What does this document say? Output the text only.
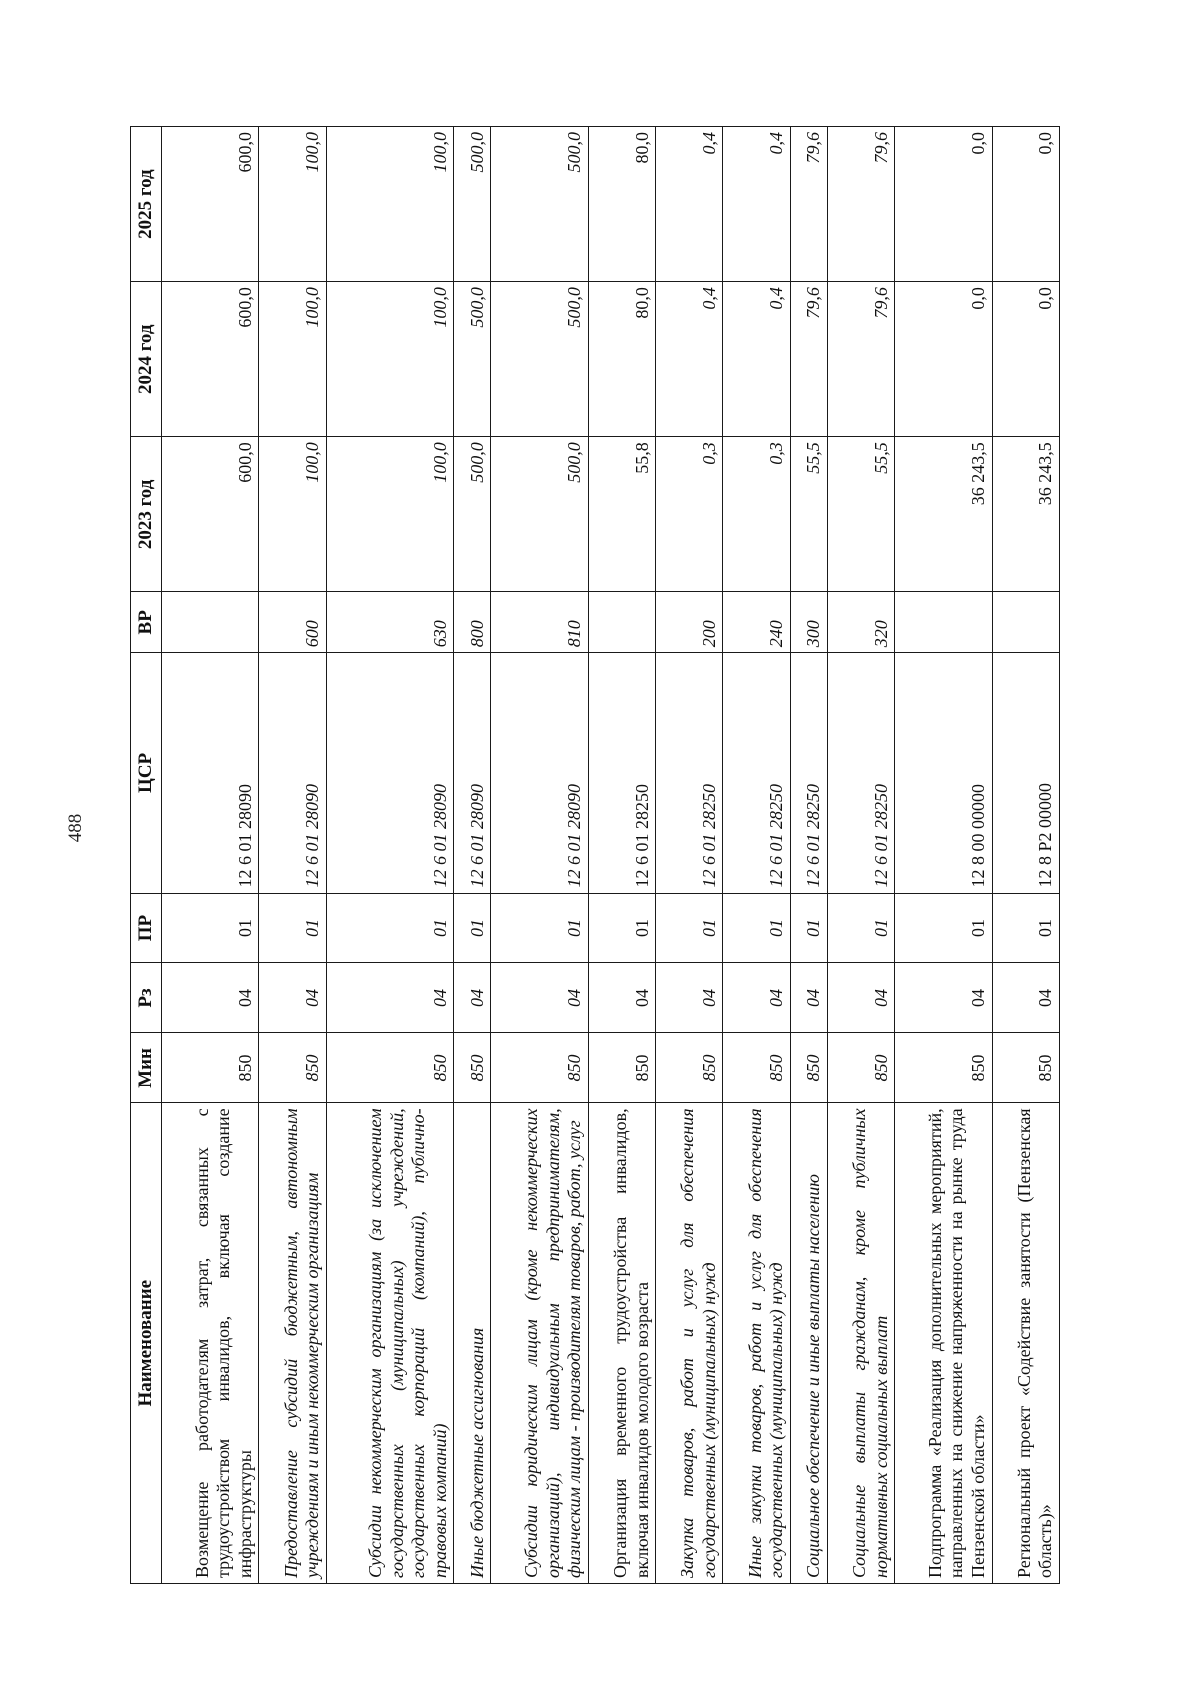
488
Наименование	Мин	Рз	ПР	ЦСР	ВР	2023 год	2024 год	2025 год
Возмещение работодателям затрат, связанных с трудоустройством инвалидов, включая создание инфраструктуры	850	04	01	12 6 01 28090		600,0	600,0	600,0
Предоставление субсидий бюджетным, автономным учреждениям и иным некоммерческим организациям	850	04	01	12 6 01 28090	600	100,0	100,0	100,0
Субсидии некоммерческим организациям (за исключением государственных (муниципальных) учреждений, государственных корпораций (компаний), публично-правовых компаний)	850	04	01	12 6 01 28090	630	100,0	100,0	100,0
Иные бюджетные ассигнования	850	04	01	12 6 01 28090	800	500,0	500,0	500,0
Субсидии юридическим лицам (кроме некоммерческих организаций), индивидуальным предпринимателям, физическим лицам - производителям товаров, работ, услуг	850	04	01	12 6 01 28090	810	500,0	500,0	500,0
Организация временного трудоустройства инвалидов, включая инвалидов молодого возраста	850	04	01	12 6 01 28250		55,8	80,0	80,0
Закупка товаров, работ и услуг для обеспечения государственных (муниципальных) нужд	850	04	01	12 6 01 28250	200	0,3	0,4	0,4
Иные закупки товаров, работ и услуг для обеспечения государственных (муниципальных) нужд	850	04	01	12 6 01 28250	240	0,3	0,4	0,4
Социальное обеспечение и иные выплаты населению	850	04	01	12 6 01 28250	300	55,5	79,6	79,6
Социальные выплаты гражданам, кроме публичных нормативных социальных выплат	850	04	01	12 6 01 28250	320	55,5	79,6	79,6
Подпрограмма «Реализация дополнительных мероприятий, направленных на снижение напряженности на рынке труда Пензенской области»	850	04	01	12 8 00 00000		36 243,5	0,0	0,0
Региональный проект «Содействие занятости (Пензенская область)»	850	04	01	12 8 P2 00000		36 243,5	0,0	0,0
